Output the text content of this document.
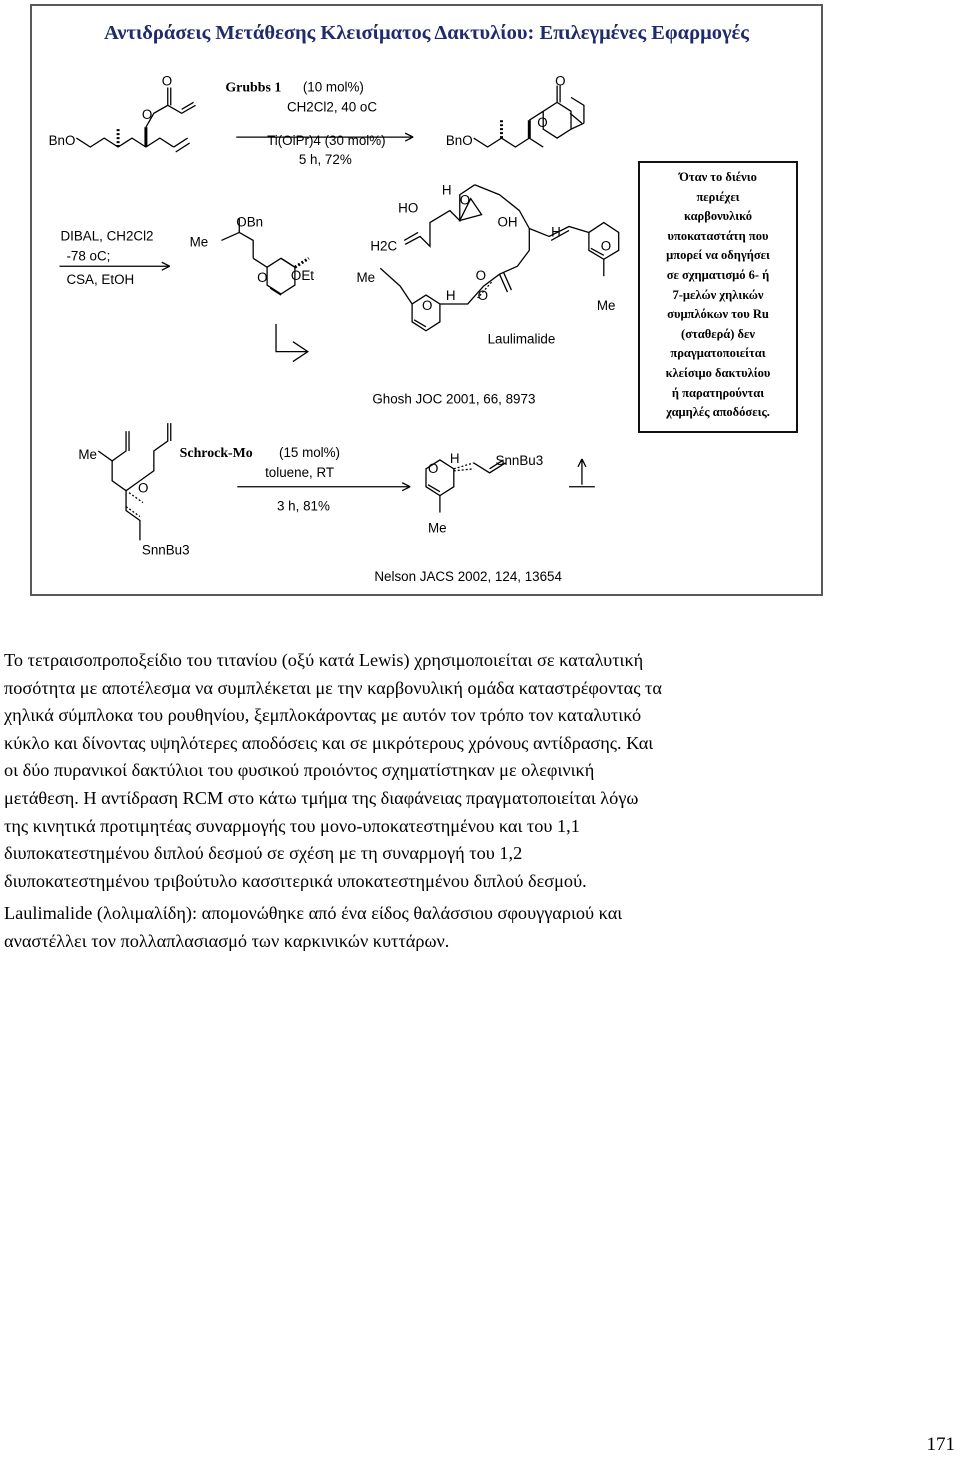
Αντιδράσεις Μετάθεσης Κλεισίματος Δακτυλίου: Επιλεγμένες Εφαρμογές
BnO
O
O
Grubbs 1 (10 mol%)
CH2Cl2, 40 oC
Ti(OiPr)4 (30 mol%)
5 h, 72%
BnO
O
O
DIBAL, CH2Cl2
-78 oC;
CSA, EtOH
OBn
Me
O OEt
HO
H
O
OH
H
O
H2C
Me
O
H
O
O
Me
Laulimalide
Ghosh JOC 2001, 66, 8973
Me
O
SnnBu3
Schrock-Mo (15 mol%)
toluene, RT
3 h, 81%
O
H	SnnBu3
Me
Nelson JACS 2002, 124, 13654
Όταν το διένιο
περιέχει
καρβονυλικό
υποκαταστάτη που
μπορεί να οδηγήσει
σε σχηματισμό 6- ή
7-μελών χηλικών
συμπλόκων του Ru
(σταθερά) δεν
πραγματοποιείται
κλείσιμο δακτυλίου
ή παρατηρούνται
χαμηλές αποδόσεις.

Το τετραισοπροποξείδιο του τιτανίου (οξύ κατά Lewis) χρησιμοποιείται σε καταλυτική
ποσότητα με αποτέλεσμα να συμπλέκεται με την καρβονυλική ομάδα καταστρέφοντας τα
χηλικά σύμπλοκα του ρουθηνίου, ξεμπλοκάροντας με αυτόν τον τρόπο τον καταλυτικό
κύκλο και δίνοντας υψηλότερες αποδόσεις και σε μικρότερους χρόνους αντίδρασης. Και
οι δύο πυρανικοί δακτύλιοι του φυσικού προιόντος σχηματίστηκαν με ολεφινική
μετάθεση. Η αντίδραση RCM στο κάτω τμήμα της διαφάνειας πραγματοποιείται λόγω
της κινητικά προτιμητέας συναρμογής του μονο-υποκατεστημένου και του 1,1
διυποκατεστημένου διπλού δεσμού σε σχέση με τη συναρμογή του 1,2
διυποκατεστημένου τριβούτυλο κασσιτερικά υποκατεστημένου διπλού δεσμού.

Laulimalide (λολιμαλίδη): απομονώθηκε από ένα είδος θαλάσσιου σφουγγαριού και
αναστέλλει τον πολλαπλασιασμό των καρκινικών κυττάρων.

171
